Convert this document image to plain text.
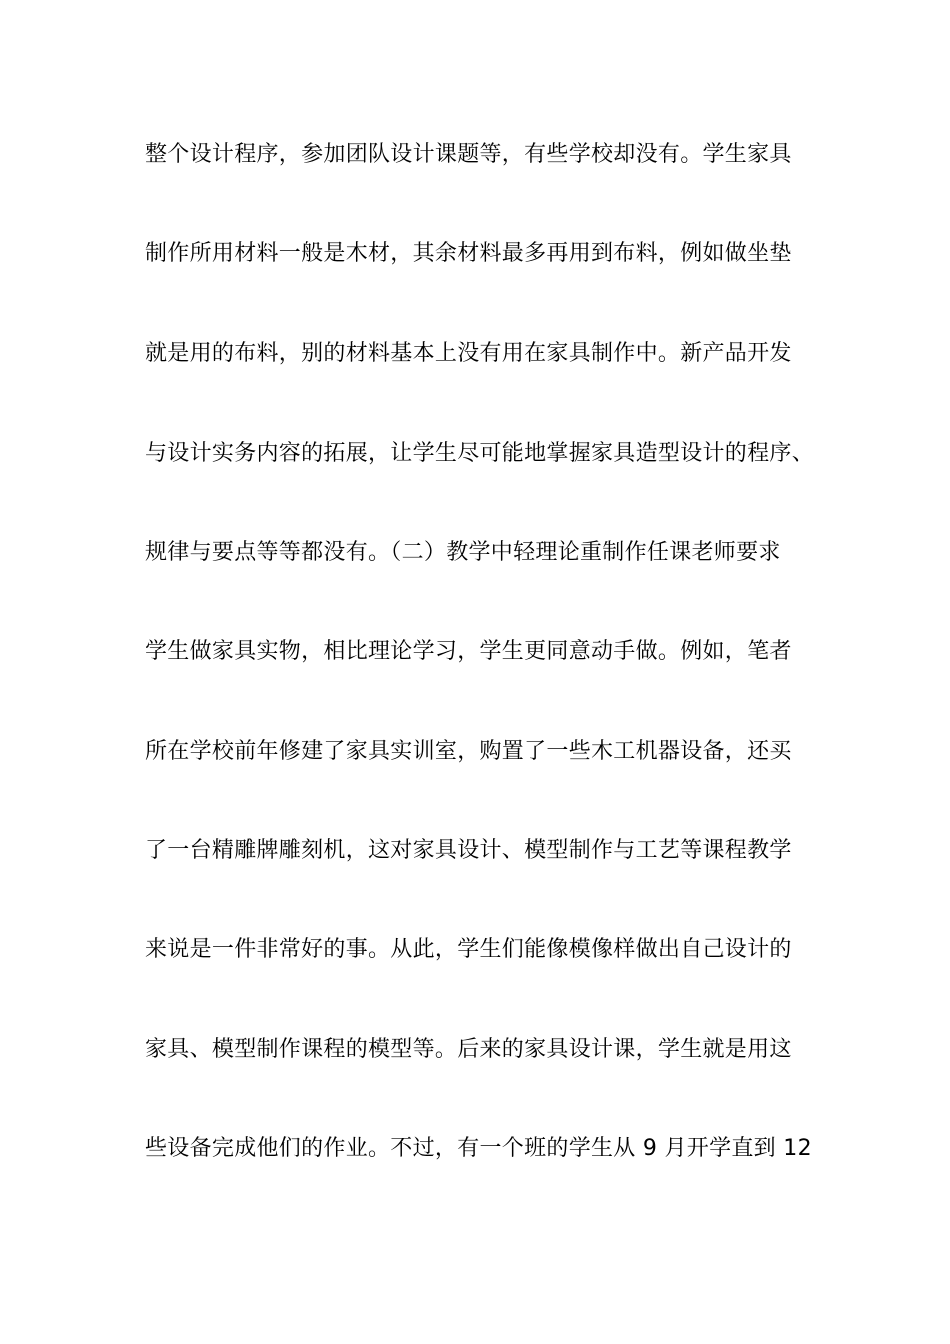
整个设计程序，参加团队设计课题等，有些学校却没有。学生家具
制作所用材料一般是木材，其余材料最多再用到布料，例如做坐垫
就是用的布料，别的材料基本上没有用在家具制作中。新产品开发
与设计实务内容的拓展，让学生尽可能地掌握家具造型设计的程序、
规律与要点等等都没有。（二）教学中轻理论重制作任课老师要求
学生做家具实物，相比理论学习，学生更同意动手做。例如，笔者
所在学校前年修建了家具实训室，购置了一些木工机器设备，还买
了一台精雕牌雕刻机，这对家具设计、模型制作与工艺等课程教学
来说是一件非常好的事。从此，学生们能像模像样做出自己设计的
家具、模型制作课程的模型等。后来的家具设计课，学生就是用这
些设备完成他们的作业。不过，有一个班的学生从 9 月开学直到 12
